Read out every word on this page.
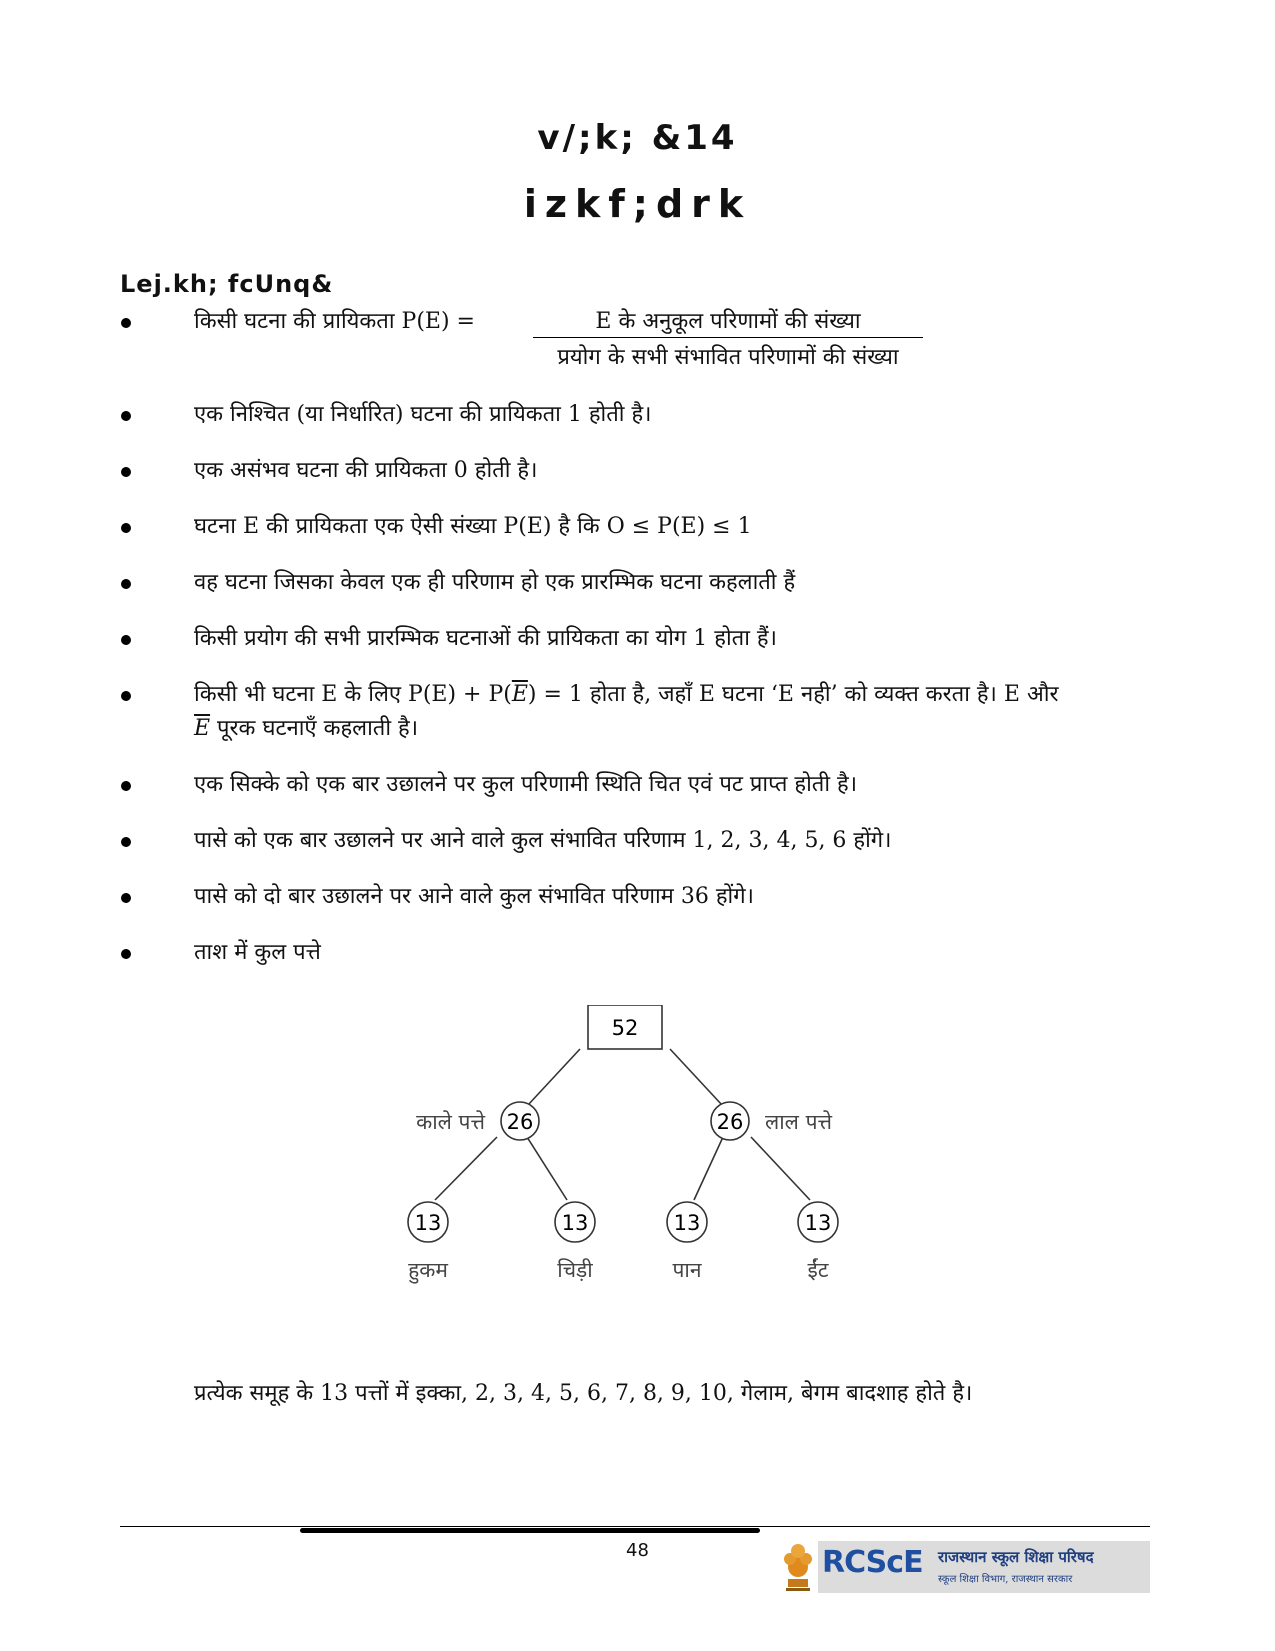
v/;k; &14
izkf;drk
Lej.kh; fcUnq&
किसी घटना की प्रायिकता P(E) =	E के अनुकूल परिणामों की संख्या
प्रयोग के सभी संभावित परिणामों की संख्या
एक निश्चित (या निर्धारित) घटना की प्रायिकता 1 होती है।
एक असंभव घटना की प्रायिकता 0 होती है।
घटना E की प्रायिकता एक ऐसी संख्या P(E) है कि O ≤ P(E) ≤ 1
वह घटना जिसका केवल एक ही परिणाम हो एक प्रारम्भिक घटना कहलाती हैं
किसी प्रयोग की सभी प्रारम्भिक घटनाओं की प्रायिकता का योग 1 होता हैं।
किसी भी घटना E के लिए $P(E) + P(\overline{E}) = 1$ होता है, जहाँ E घटना ‘E नही’ को व्यक्त करता है। E और
$\overline{E}$ पूरक घटनाएँ कहलाती है।
एक सिक्के को एक बार उछालने पर कुल परिणामी स्थिति चित एवं पट प्राप्त होती है।
पासे को एक बार उछालने पर आने वाले कुल संभावित परिणाम 1, 2, 3, 4, 5, 6 होंगे।
पासे को दो बार उछालने पर आने वाले कुल संभावित परिणाम 36 होंगे।
ताश में कुल पत्ते
52
26
काले पत्ते	26 लाल पत्ते
13
हुकम
13
चिड़ी
13
पान
13
ईंट
प्रत्येक समूह के 13 पत्तों में इक्का, 2, 3, 4, 5, 6, 7, 8, 9, 10, गेलाम, बेगम बादशाह होते है।
48	RCScE राजस्थान स्कूल शिक्षा परिषद
स्कूल शिक्षा विभाग, राजस्थान सरकार
